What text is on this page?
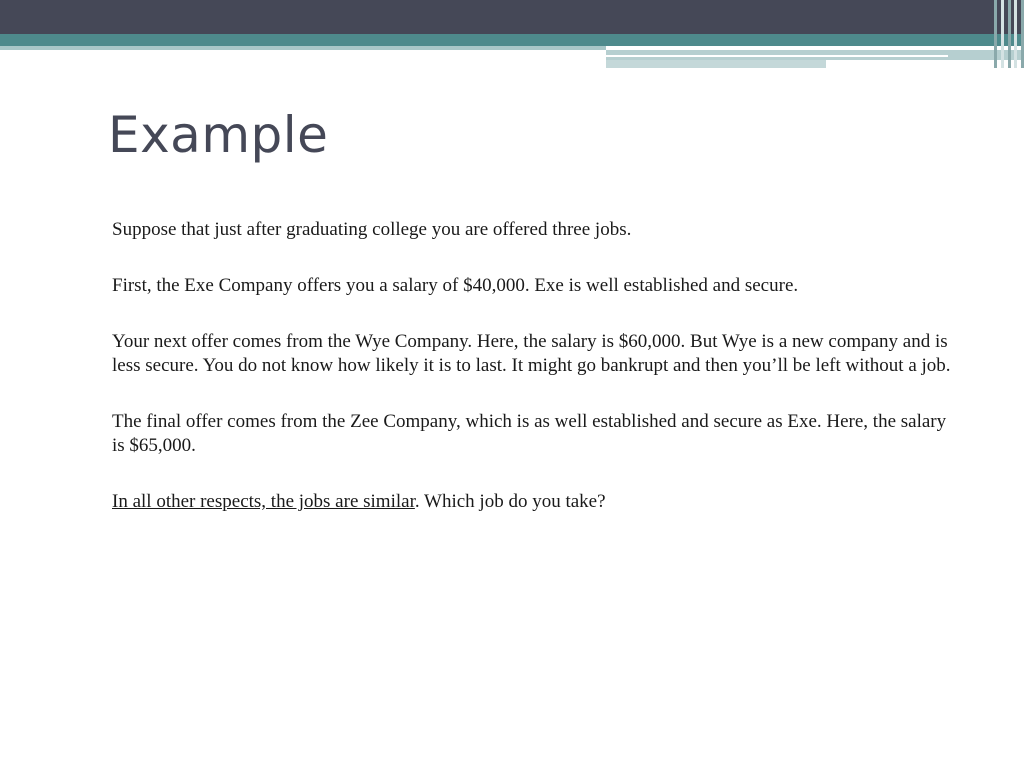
Example

Suppose that just after graduating college you are offered three jobs.

First, the Exe Company offers you a salary of $40,000. Exe is well established and secure.

Your next offer comes from the Wye Company. Here, the salary is $60,000. But Wye is a new company and is less secure. You do not know how likely it is to last. It might go bankrupt and then you’ll be left without a job.

The final offer comes from the Zee Company, which is as well established and secure as Exe. Here, the salary is $65,000.

In all other respects, the jobs are similar. Which job do you take?
